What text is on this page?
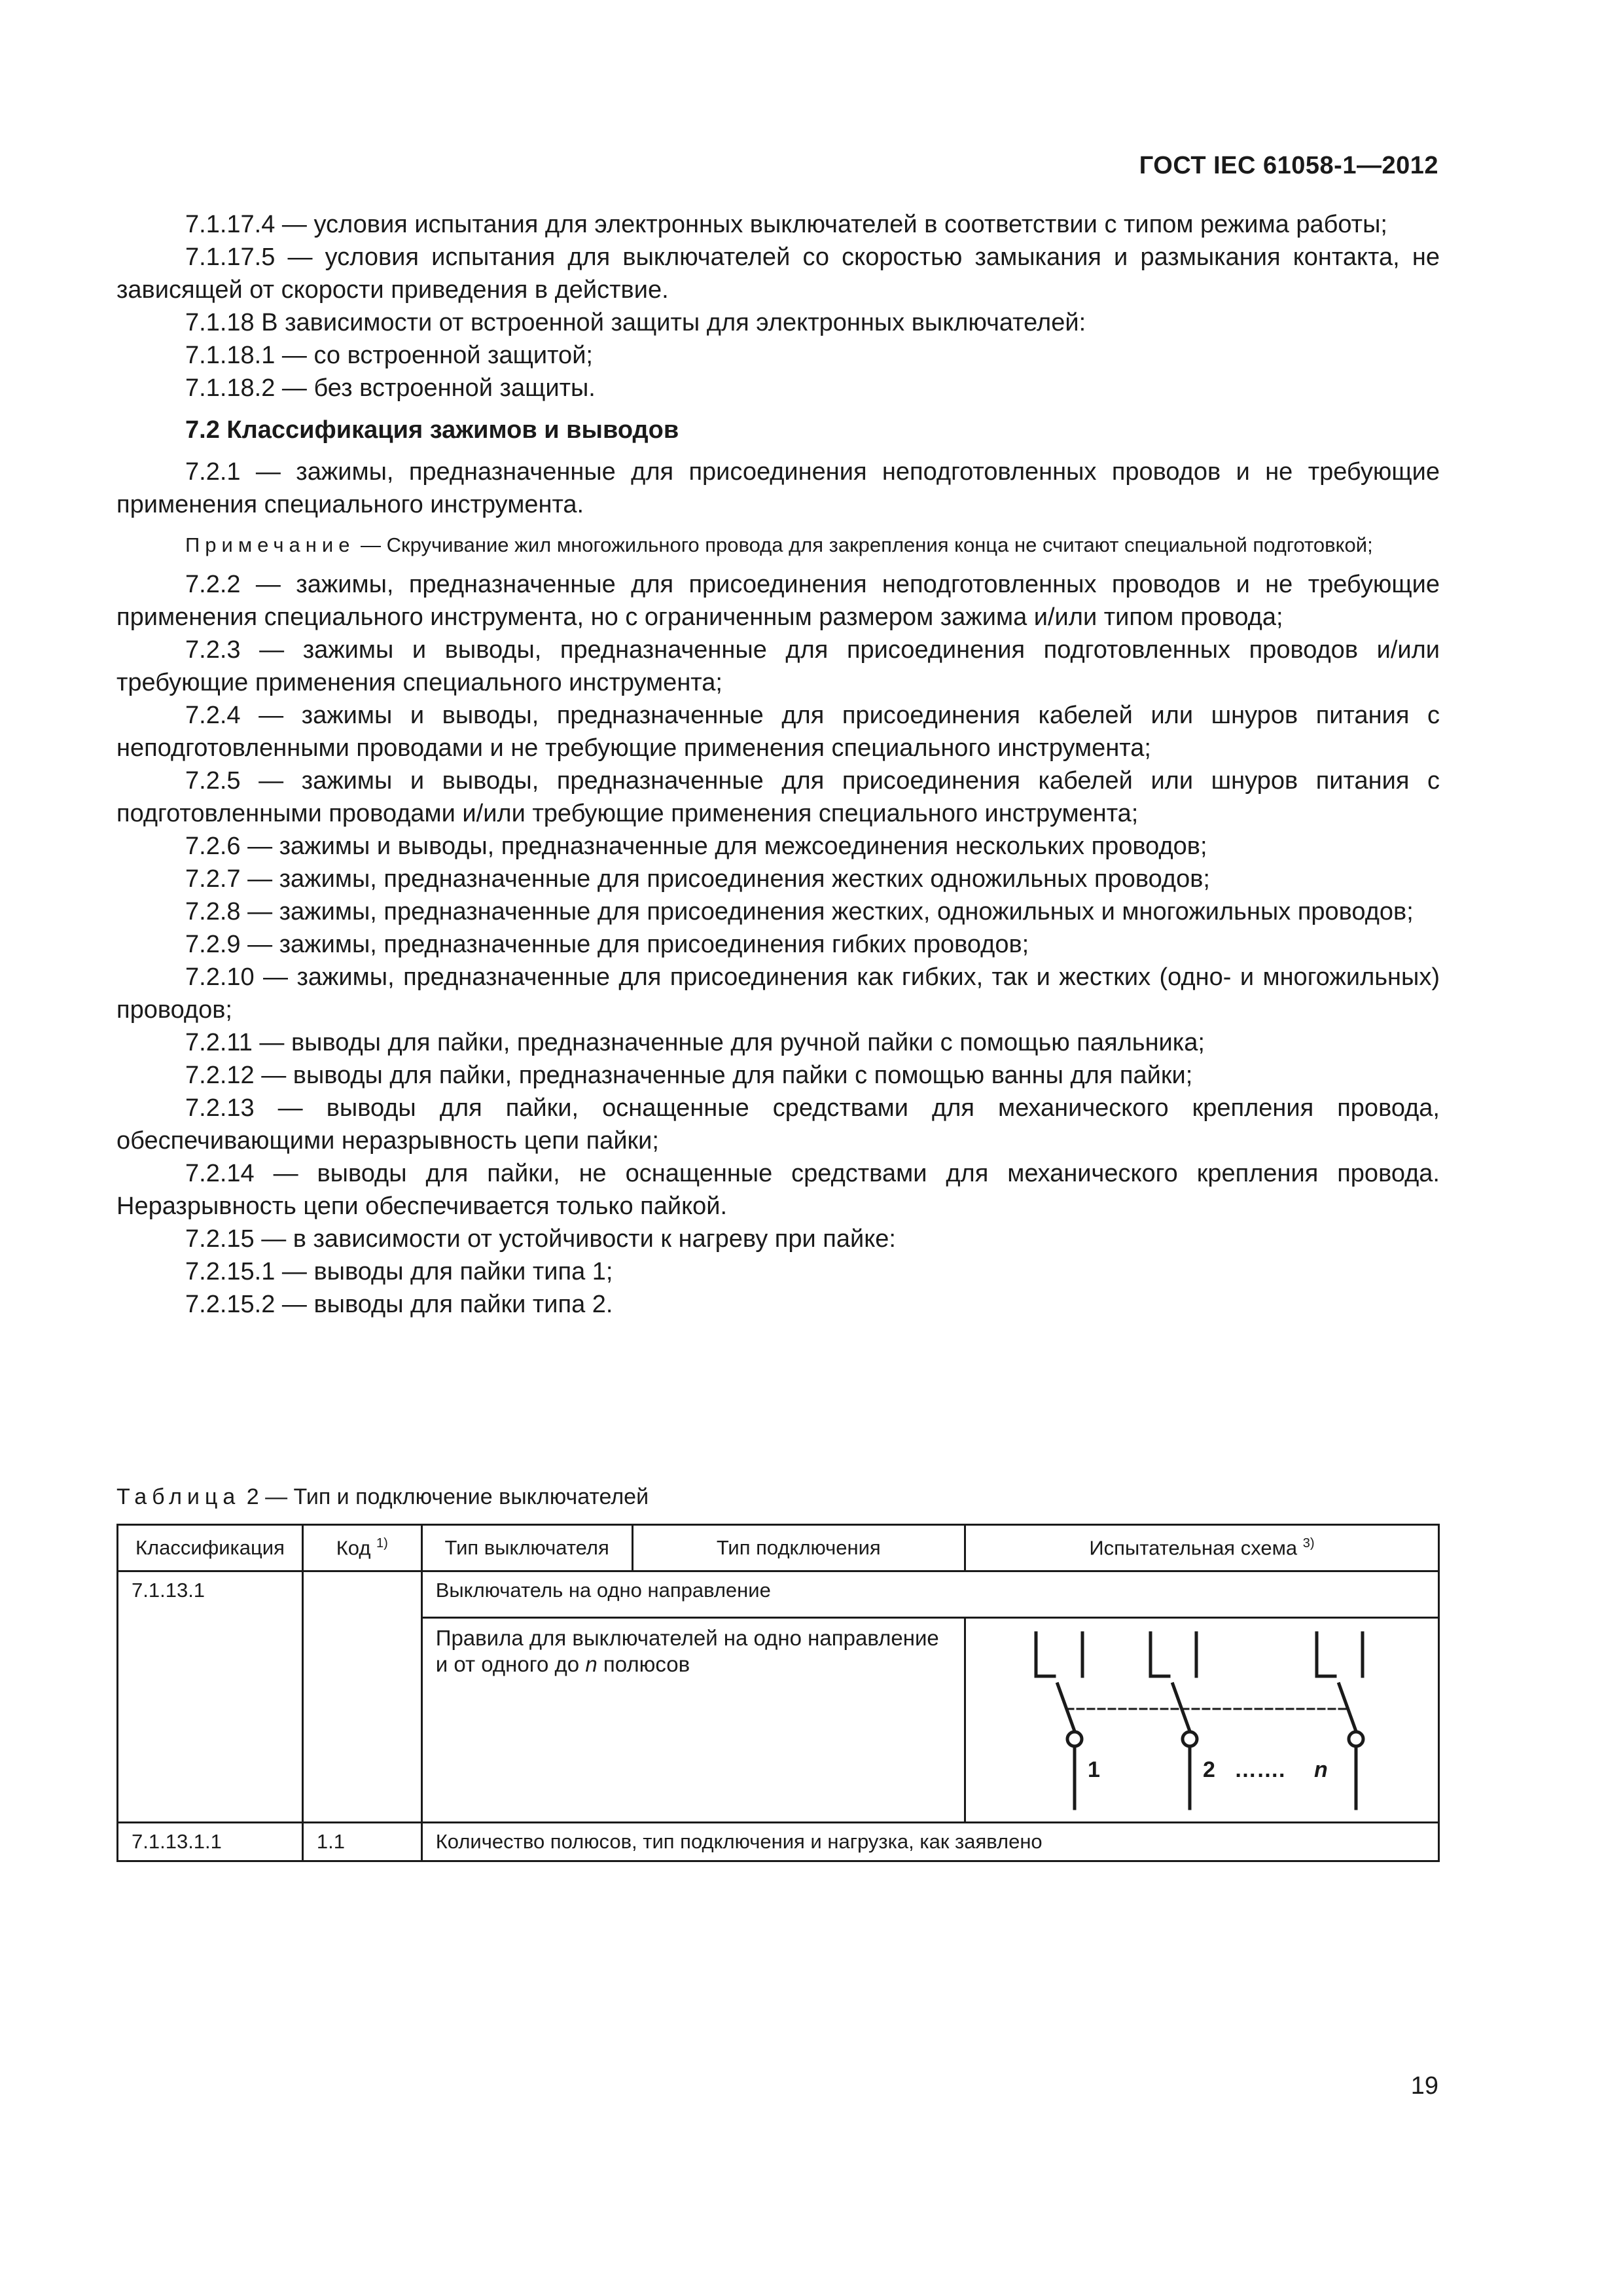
ГОСТ IEC 61058-1—2012

7.1.17.4 — условия испытания для электронных выключателей в соответствии с типом режима работы;

7.1.17.5 — условия испытания для выключателей со скоростью замыкания и размыкания контакта, не зависящей от скорости приведения в действие.

7.1.18 В зависимости от встроенной защиты для электронных выключателей:

7.1.18.1 — со встроенной защитой;

7.1.18.2 — без встроенной защиты.

7.2 Классификация зажимов и выводов

7.2.1 — зажимы, предназначенные для присоединения неподготовленных проводов и не требующие применения специального инструмента.

Примечание — Скручивание жил многожильного провода для закрепления конца не считают специальной подготовкой;

7.2.2 — зажимы, предназначенные для присоединения неподготовленных проводов и не требующие применения специального инструмента, но с ограниченным размером зажима и/или типом провода;

7.2.3 — зажимы и выводы, предназначенные для присоединения подготовленных проводов и/или требующие применения специального инструмента;

7.2.4 — зажимы и выводы, предназначенные для присоединения кабелей или шнуров питания с неподготовленными проводами и не требующие применения специального инструмента;

7.2.5 — зажимы и выводы, предназначенные для присоединения кабелей или шнуров питания с подготовленными проводами и/или требующие применения специального инструмента;

7.2.6 — зажимы и выводы, предназначенные для межсоединения нескольких проводов;

7.2.7 — зажимы, предназначенные для присоединения жестких одножильных проводов;

7.2.8 — зажимы, предназначенные для присоединения жестких, одножильных и многожильных проводов;

7.2.9 — зажимы, предназначенные для присоединения гибких проводов;

7.2.10 — зажимы, предназначенные для присоединения как гибких, так и жестких (одно- и многожильных) проводов;

7.2.11 — выводы для пайки, предназначенные для ручной пайки с помощью паяльника;

7.2.12 — выводы для пайки, предназначенные для пайки с помощью ванны для пайки;

7.2.13 — выводы для пайки, оснащенные средствами для механического крепления провода, обеспечивающими неразрывность цепи пайки;

7.2.14 — выводы для пайки, не оснащенные средствами для механического крепления провода. Неразрывность цепи обеспечивается только пайкой.

7.2.15 — в зависимости от устойчивости к нагреву при пайке:

7.2.15.1 — выводы для пайки типа 1;

7.2.15.2 — выводы для пайки типа 2.

Таблица 2 — Тип и подключение выключателей
Классификация	Код $^{1)}$	Тип выключателя	Тип подключения	Испытательная схема $^{3)}$
7.1.13.1		Выключатель на одно направление		
		Правила для выключателей на одно направление и от одного до n полюсов		1 2 ……. n

7.1.13.1.1	1.1	Количество полюсов, тип подключения и нагрузка, как заявлено		
19
